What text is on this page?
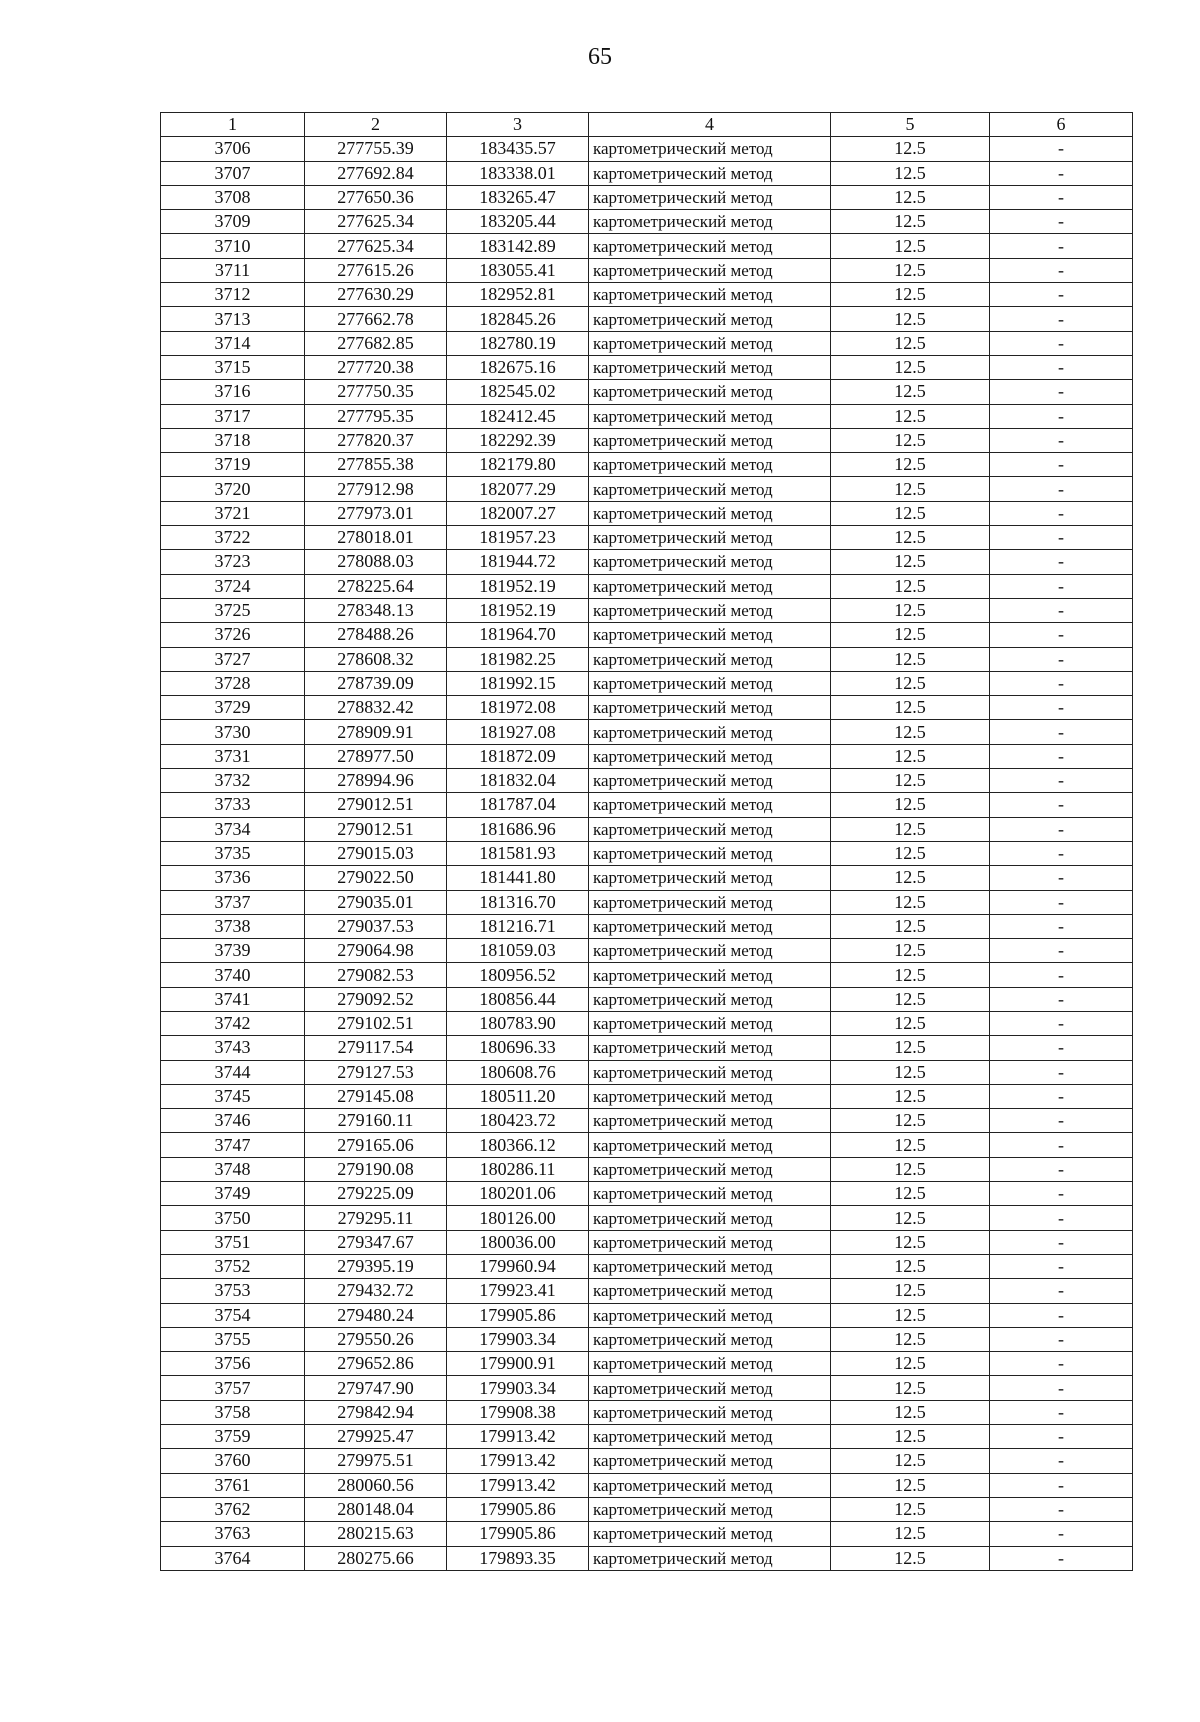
65
1	2	3	4	5	6
3706	277755.39	183435.57	картометрический метод	12.5	-
3707	277692.84	183338.01	картометрический метод	12.5	-
3708	277650.36	183265.47	картометрический метод	12.5	-
3709	277625.34	183205.44	картометрический метод	12.5	-
3710	277625.34	183142.89	картометрический метод	12.5	-
3711	277615.26	183055.41	картометрический метод	12.5	-
3712	277630.29	182952.81	картометрический метод	12.5	-
3713	277662.78	182845.26	картометрический метод	12.5	-
3714	277682.85	182780.19	картометрический метод	12.5	-
3715	277720.38	182675.16	картометрический метод	12.5	-
3716	277750.35	182545.02	картометрический метод	12.5	-
3717	277795.35	182412.45	картометрический метод	12.5	-
3718	277820.37	182292.39	картометрический метод	12.5	-
3719	277855.38	182179.80	картометрический метод	12.5	-
3720	277912.98	182077.29	картометрический метод	12.5	-
3721	277973.01	182007.27	картометрический метод	12.5	-
3722	278018.01	181957.23	картометрический метод	12.5	-
3723	278088.03	181944.72	картометрический метод	12.5	-
3724	278225.64	181952.19	картометрический метод	12.5	-
3725	278348.13	181952.19	картометрический метод	12.5	-
3726	278488.26	181964.70	картометрический метод	12.5	-
3727	278608.32	181982.25	картометрический метод	12.5	-
3728	278739.09	181992.15	картометрический метод	12.5	-
3729	278832.42	181972.08	картометрический метод	12.5	-
3730	278909.91	181927.08	картометрический метод	12.5	-
3731	278977.50	181872.09	картометрический метод	12.5	-
3732	278994.96	181832.04	картометрический метод	12.5	-
3733	279012.51	181787.04	картометрический метод	12.5	-
3734	279012.51	181686.96	картометрический метод	12.5	-
3735	279015.03	181581.93	картометрический метод	12.5	-
3736	279022.50	181441.80	картометрический метод	12.5	-
3737	279035.01	181316.70	картометрический метод	12.5	-
3738	279037.53	181216.71	картометрический метод	12.5	-
3739	279064.98	181059.03	картометрический метод	12.5	-
3740	279082.53	180956.52	картометрический метод	12.5	-
3741	279092.52	180856.44	картометрический метод	12.5	-
3742	279102.51	180783.90	картометрический метод	12.5	-
3743	279117.54	180696.33	картометрический метод	12.5	-
3744	279127.53	180608.76	картометрический метод	12.5	-
3745	279145.08	180511.20	картометрический метод	12.5	-
3746	279160.11	180423.72	картометрический метод	12.5	-
3747	279165.06	180366.12	картометрический метод	12.5	-
3748	279190.08	180286.11	картометрический метод	12.5	-
3749	279225.09	180201.06	картометрический метод	12.5	-
3750	279295.11	180126.00	картометрический метод	12.5	-
3751	279347.67	180036.00	картометрический метод	12.5	-
3752	279395.19	179960.94	картометрический метод	12.5	-
3753	279432.72	179923.41	картометрический метод	12.5	-
3754	279480.24	179905.86	картометрический метод	12.5	-
3755	279550.26	179903.34	картометрический метод	12.5	-
3756	279652.86	179900.91	картометрический метод	12.5	-
3757	279747.90	179903.34	картометрический метод	12.5	-
3758	279842.94	179908.38	картометрический метод	12.5	-
3759	279925.47	179913.42	картометрический метод	12.5	-
3760	279975.51	179913.42	картометрический метод	12.5	-
3761	280060.56	179913.42	картометрический метод	12.5	-
3762	280148.04	179905.86	картометрический метод	12.5	-
3763	280215.63	179905.86	картометрический метод	12.5	-
3764	280275.66	179893.35	картометрический метод	12.5	-
